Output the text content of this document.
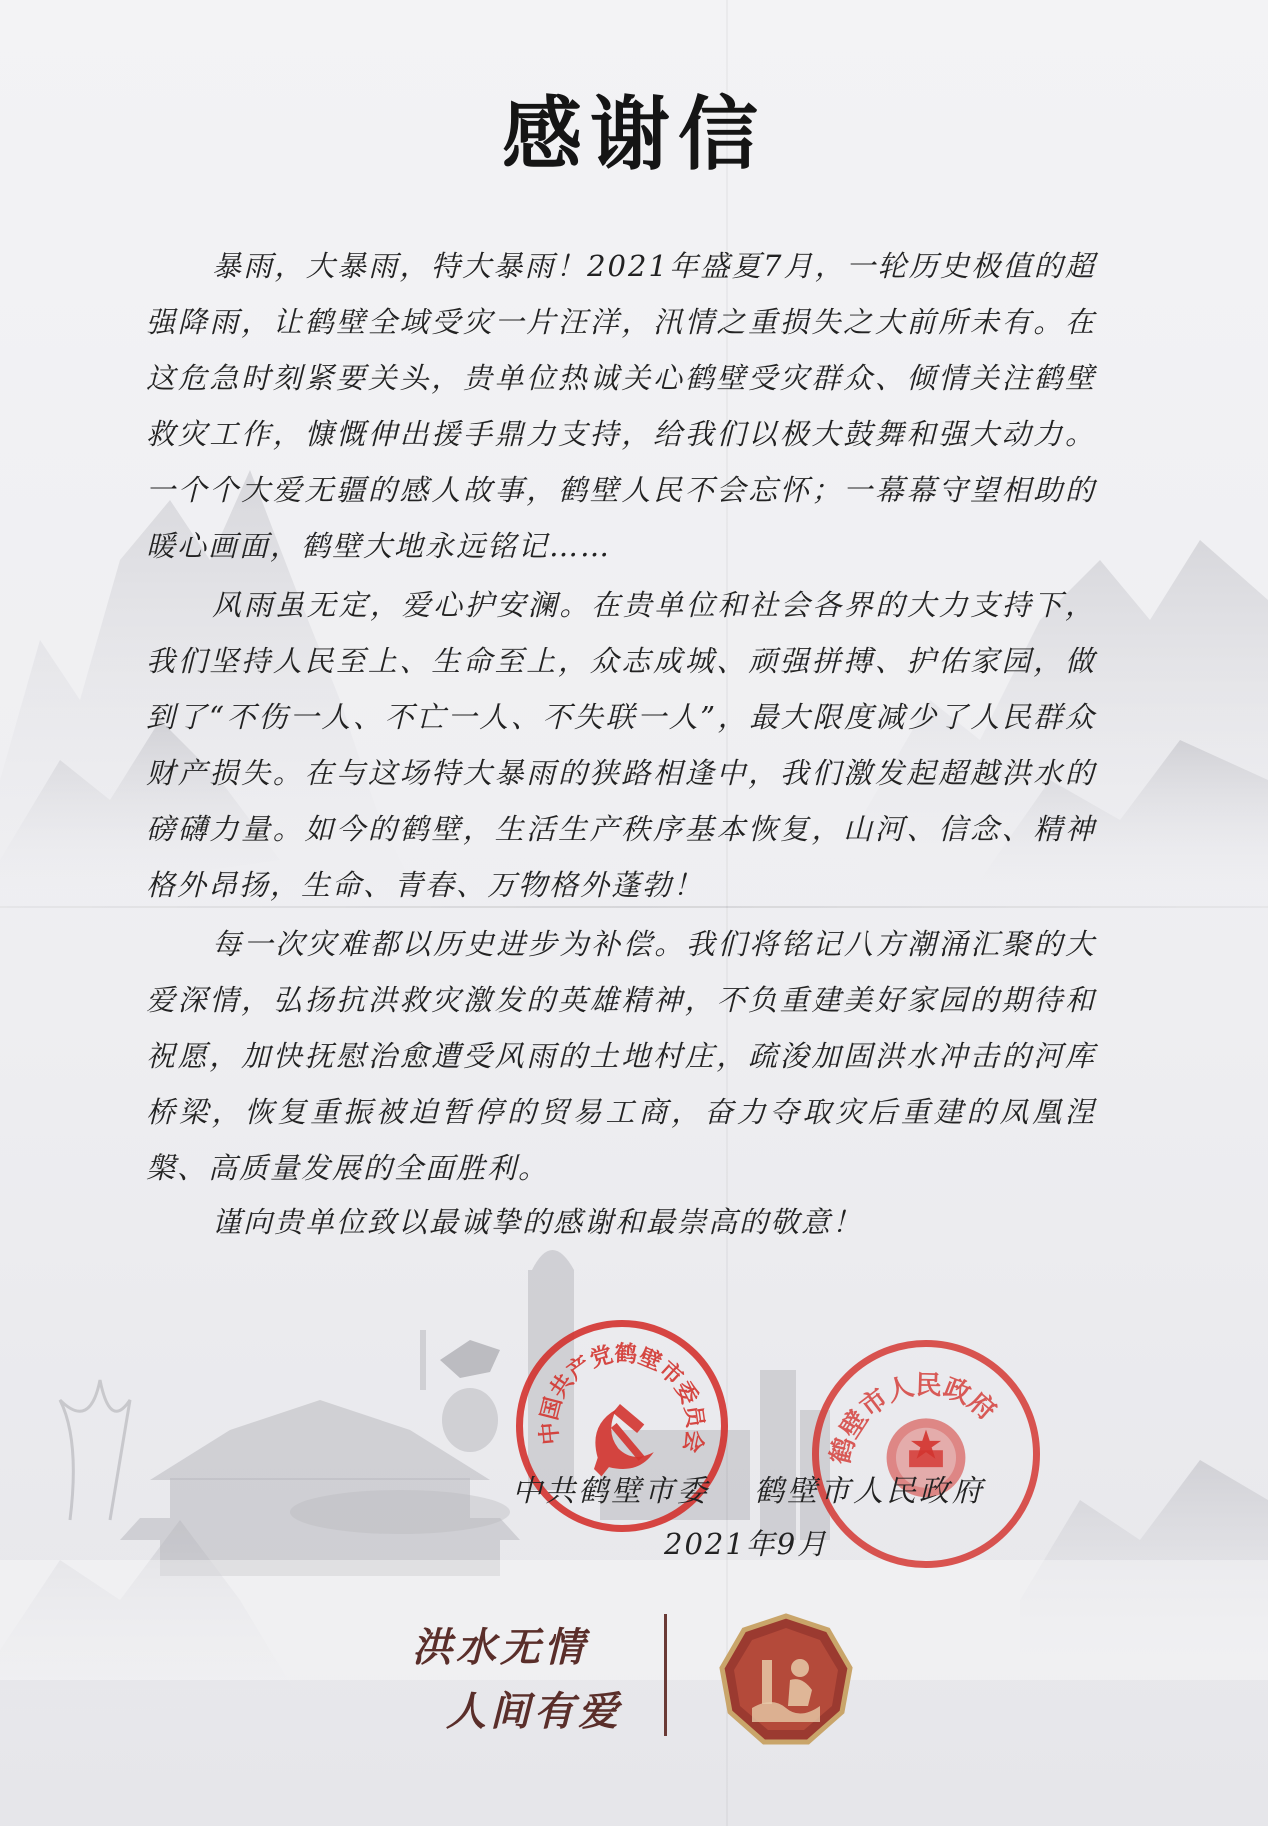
感谢信

暴雨，大暴雨，特大暴雨！2021年盛夏7月，一轮历史极值的超强降雨，让鹤壁全域受灾一片汪洋，汛情之重损失之大前所未有。在这危急时刻紧要关头，贵单位热诚关心鹤壁受灾群众、倾情关注鹤壁救灾工作，慷慨伸出援手鼎力支持，给我们以极大鼓舞和强大动力。一个个大爱无疆的感人故事，鹤壁人民不会忘怀；一幕幕守望相助的暖心画面，鹤壁大地永远铭记……

风雨虽无定，爱心护安澜。在贵单位和社会各界的大力支持下，我们坚持人民至上、生命至上，众志成城、顽强拼搏、护佑家园，做到了“不伤一人、不亡一人、不失联一人”，最大限度减少了人民群众财产损失。在与这场特大暴雨的狭路相逢中，我们激发起超越洪水的磅礴力量。如今的鹤壁，生活生产秩序基本恢复，山河、信念、精神格外昂扬，生命、青春、万物格外蓬勃！

每一次灾难都以历史进步为补偿。我们将铭记八方潮涌汇聚的大爱深情，弘扬抗洪救灾激发的英雄精神，不负重建美好家园的期待和祝愿，加快抚慰治愈遭受风雨的土地村庄，疏浚加固洪水冲击的河库桥梁，恢复重振被迫暂停的贸易工商，奋力夺取灾后重建的凤凰涅槃、高质量发展的全面胜利。

谨向贵单位致以最诚挚的感谢和最崇高的敬意！
中国共产党鹤壁市委员会	鹤壁市人民政府
中共鹤壁市委 鹤壁市人民政府
2021年9月
洪水无情
人间有爱
